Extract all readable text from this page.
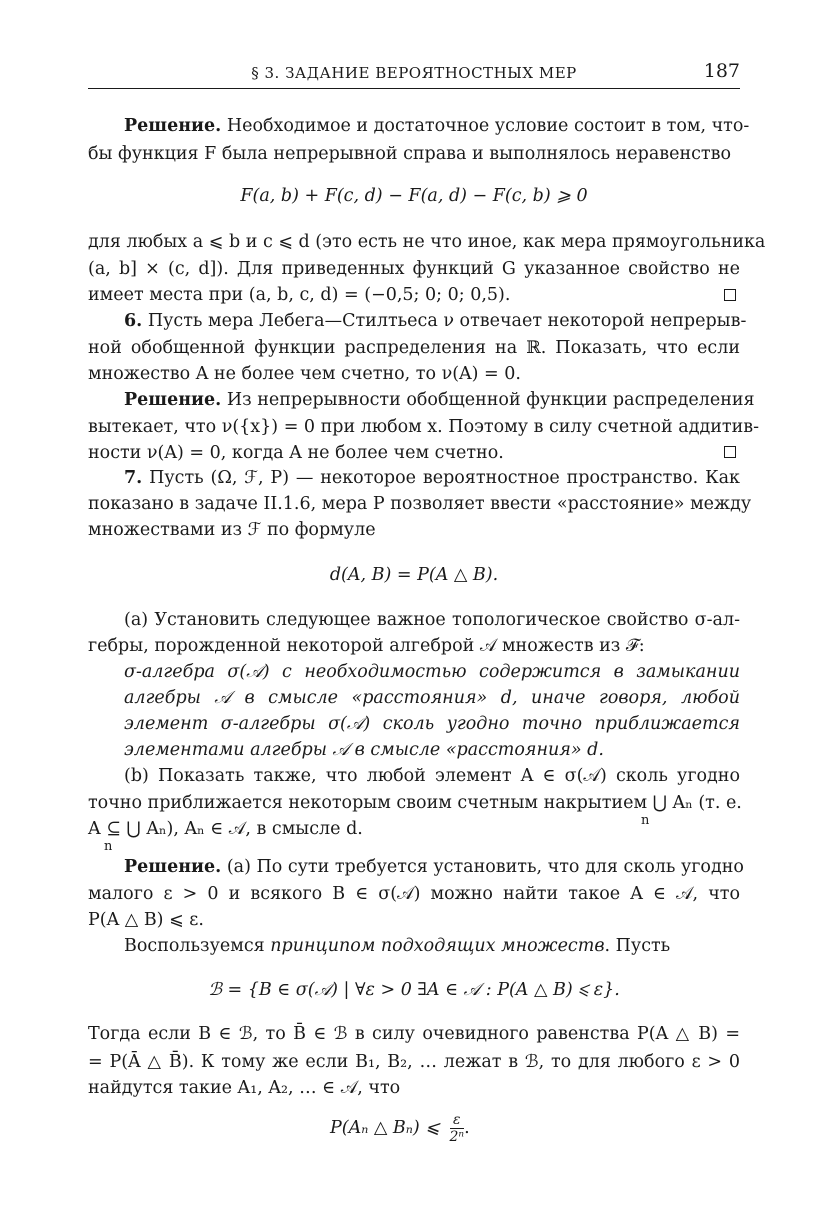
§ 3. ЗАДАНИЕ ВЕРОЯТНОСТНЫХ МЕР	187
Решение. Необходимое и достаточное условие состоит в том, что-
бы функция F была непрерывной справа и выполнялось неравенство
F(a, b) + F(c, d) − F(a, d) − F(c, b) ⩾ 0
для любых a ⩽ b и c ⩽ d (это есть не что иное, как мера прямоугольника
(a, b] × (c, d]). Для приведенных функций G указанное свойство не
имеет места при (a, b, c, d) = (−0,5; 0; 0; 0,5).
6. Пусть мера Лебега—Стилтьеса ν отвечает некоторой непрерыв-
ной обобщенной функции распределения на ℝ. Показать, что если
множество A не более чем счетно, то ν(A) = 0.
Решение. Из непрерывности обобщенной функции распределения
вытекает, что ν({x}) = 0 при любом x. Поэтому в силу счетной аддитив-
ности ν(A) = 0, когда A не более чем счетно.
7. Пусть (Ω, ℱ, P) — некоторое вероятностное пространство. Как
показано в задаче II.1.6, мера P позволяет ввести «расстояние» между
множествами из ℱ по формуле
d(A, B) = P(A △ B).
(a) Установить следующее важное топологическое свойство σ-ал-
гебры, порожденной некоторой алгеброй 𝒜 множеств из ℱ:
σ-алгебра σ(𝒜) с необходимостью содержится в замыкании
алгебры 𝒜 в смысле «расстояния» d, иначе говоря, любой
элемент σ-алгебры σ(𝒜) сколь угодно точно приближается
элементами алгебры 𝒜 в смысле «расстояния» d.
(b) Показать также, что любой элемент A ∈ σ(𝒜) сколь угодно
точно приближается некоторым своим счетным накрытием ⋃ Aₙ (т. е.
n
A ⊆ ⋃ Aₙ), Aₙ ∈ 𝒜, в смысле d.
n
Решение. (a) По сути требуется установить, что для сколь угодно
малого ε > 0 и всякого B ∈ σ(𝒜) можно найти такое A ∈ 𝒜, что
P(A △ B) ⩽ ε.
Воспользуемся принципом подходящих множеств. Пусть
ℬ = {B ∈ σ(𝒜) | ∀ε > 0 ∃A ∈ 𝒜 : P(A △ B) ⩽ ε}.
Тогда если B ∈ ℬ, то B̄ ∈ ℬ в силу очевидного равенства P(A △ B) =
= P(Ā △ B̄). К тому же если B₁, B₂, … лежат в ℬ, то для любого ε > 0
найдутся такие A₁, A₂, … ∈ 𝒜, что
P(Aₙ △ Bₙ) ⩽ $\frac{\varepsilon}{\text{2ⁿ}}$ .
